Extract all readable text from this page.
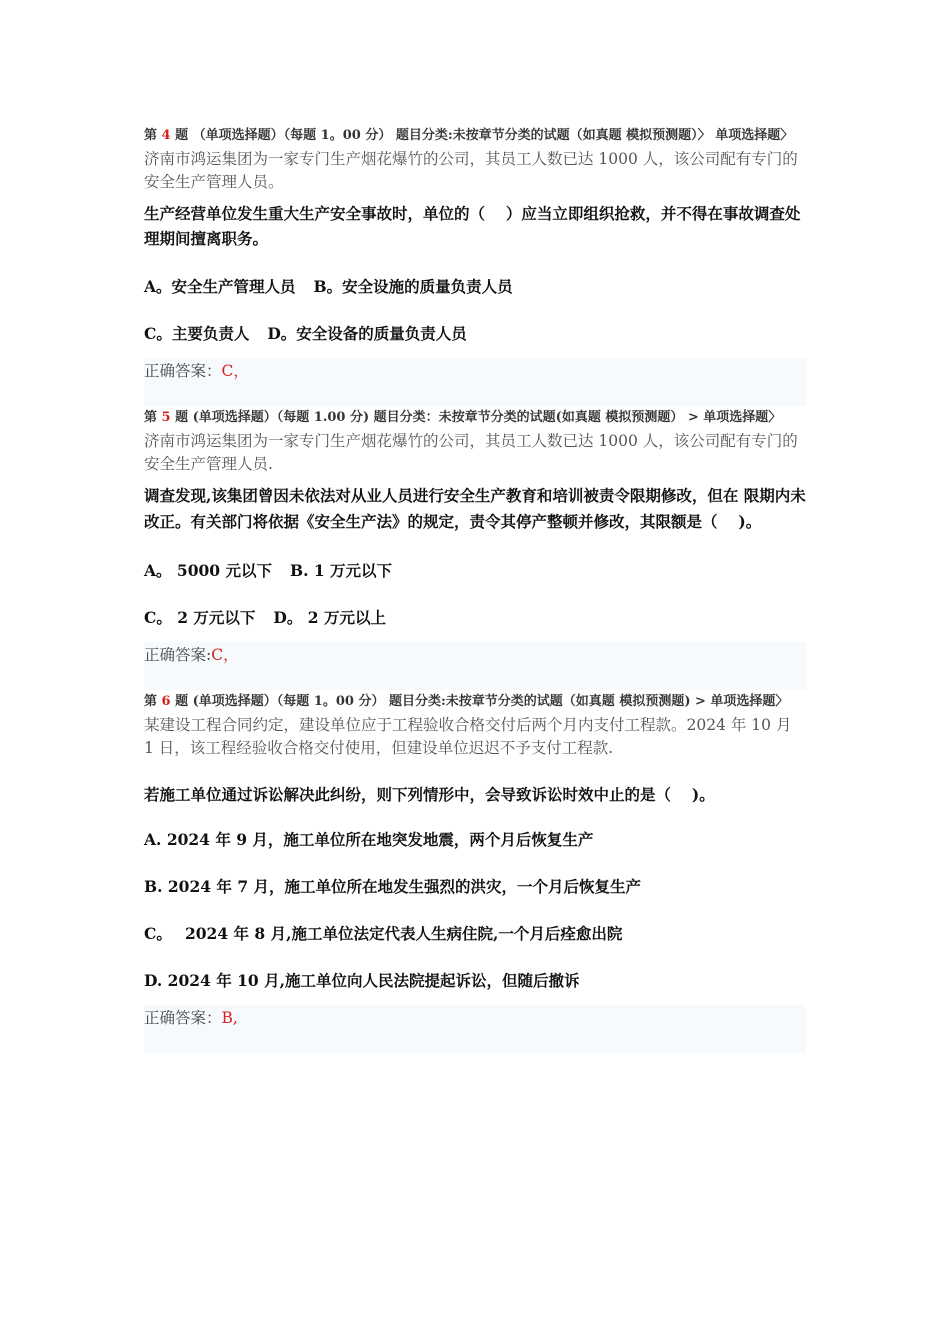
第 4 题 （单项选择题）（每题 1。00 分） 题目分类:未按章节分类的试题（如真题 模拟预测题）〉 单项选择题〉

济南市鸿运集团为一家专门生产烟花爆竹的公司，其员工人数已达 1000 人，该公司配有专门的安全生产管理人员。

生产经营单位发生重大生产安全事故时，单位的（　 ）应当立即组织抢救，并不得在事故调查处理期间擅离职务。

A。安全生产管理人员 B。安全设施的质量负责人员

C。主要负责人 D。安全设备的质量负责人员

正确答案：C，

第 5 题 (单项选择题）（每题 1.00 分) 题目分类：未按章节分类的试题(如真题 模拟预测题） > 单项选择题〉

济南市鸿运集团为一家专门生产烟花爆竹的公司，其员工人数已达 1000 人，该公司配有专门的安全生产管理人员.

调查发现,该集团曾因未依法对从业人员进行安全生产教育和培训被责令限期修改，但在 限期内未改正。有关部门将依据《安全生产法》的规定，责令其停产整顿并修改，其限额是（　 )。

A。 5000 元以下 B. 1 万元以下

C。 2 万元以下 D。 2 万元以上

正确答案:C，

第 6 题 (单项选择题）（每题 1。00 分） 题目分类:未按章节分类的试题（如真题 模拟预测题) > 单项选择题〉

某建设工程合同约定，建设单位应于工程验收合格交付后两个月内支付工程款。2024 年 10 月 1 日，该工程经验收合格交付使用，但建设单位迟迟不予支付工程款.

若施工单位通过诉讼解决此纠纷，则下列情形中，会导致诉讼时效中止的是（　 )。

A. 2024 年 9 月，施工单位所在地突发地震，两个月后恢复生产

B. 2024 年 7 月，施工单位所在地发生强烈的洪灾，一个月后恢复生产

C。　 2024 年 8 月,施工单位法定代表人生病住院,一个月后痊愈出院

D. 2024 年 10 月,施工单位向人民法院提起诉讼，但随后撤诉

正确答案：B,
